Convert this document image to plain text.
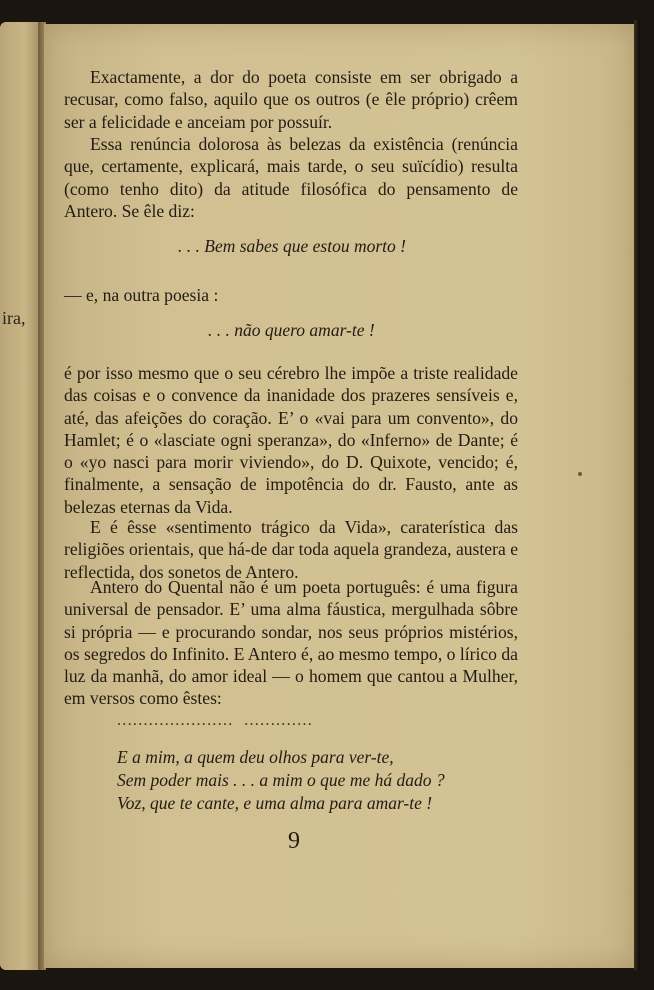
ira,
Exactamente, a dor do poeta consiste em ser obrigado a recusar, como falso, aquilo que os outros (e êle próprio) crêem ser a felicidade e anceiam por possuír.
Essa renúncia dolorosa às belezas da existência (renúncia que, certamente, explicará, mais tarde, o seu suïcídio) resulta (como tenho dito) da atitude filosófica do pensamento de Antero. Se êle diz:
. . . Bem sabes que estou morto !
— e, na outra poesia :
. . . não quero amar-te !
é por isso mesmo que o seu cérebro lhe impõe a triste realidade das coisas e o convence da inanidade dos prazeres sensíveis e, até, das afeições do coração. E’ o «vai para um convento», do Hamlet; é o «lasciate ogni speranza», do «Inferno» de Dante; é o «yo nasci para morir viviendo», do D. Quixote, vencido; é, finalmente, a sensação de impotência do dr. Fausto, ante as belezas eternas da Vida.
E é êsse «sentimento trágico da Vida», caraterística das religiões orientais, que há-de dar toda aquela grandeza, austera e reflectida, dos sonetos de Antero.
Antero do Quental não é um poeta português: é uma figura universal de pensador. E’ uma alma fáustica, mergulhada sôbre si própria — e procurando sondar, nos seus próprios mistérios, os segredos do Infinito. E Antero é, ao mesmo tempo, o lírico da luz da manhã, do amor ideal — o homem que cantou a Mulher, em versos como êstes:
......................  .............
E a mim, a quem deu olhos para ver-te,
Sem poder mais . . . a mim o que me há dado ?
Voz, que te cante, e uma alma para amar-te !
9
